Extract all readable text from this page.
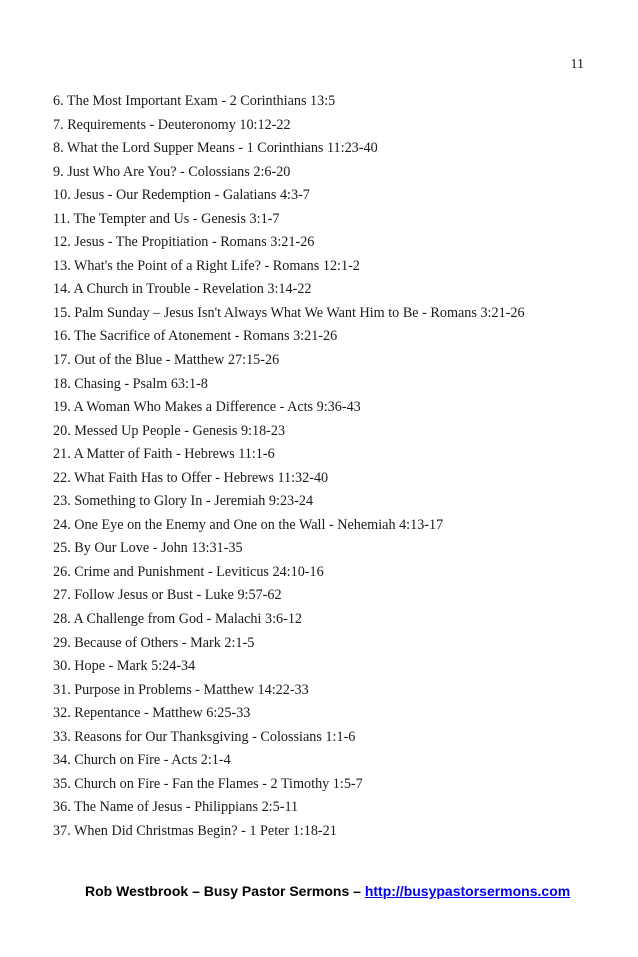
11
6. The Most Important Exam - 2 Corinthians 13:5
7. Requirements - Deuteronomy 10:12-22
8. What the Lord Supper Means - 1 Corinthians 11:23-40
9. Just Who Are You? - Colossians 2:6-20
10. Jesus - Our Redemption - Galatians 4:3-7
11. The Tempter and Us - Genesis 3:1-7
12. Jesus - The Propitiation - Romans 3:21-26
13. What's the Point of a Right Life? - Romans 12:1-2
14. A Church in Trouble - Revelation 3:14-22
15. Palm Sunday – Jesus Isn't Always What We Want Him to Be - Romans 3:21-26
16. The Sacrifice of Atonement - Romans 3:21-26
17. Out of the Blue - Matthew 27:15-26
18. Chasing - Psalm 63:1-8
19. A Woman Who Makes a Difference - Acts 9:36-43
20. Messed Up People - Genesis 9:18-23
21. A Matter of Faith - Hebrews 11:1-6
22. What Faith Has to Offer - Hebrews 11:32-40
23. Something to Glory In - Jeremiah 9:23-24
24. One Eye on the Enemy and One on the Wall - Nehemiah 4:13-17
25. By Our Love - John 13:31-35
26. Crime and Punishment - Leviticus 24:10-16
27. Follow Jesus or Bust - Luke 9:57-62
28. A Challenge from God - Malachi 3:6-12
29. Because of Others - Mark 2:1-5
30. Hope - Mark 5:24-34
31. Purpose in Problems - Matthew 14:22-33
32. Repentance - Matthew 6:25-33
33. Reasons for Our Thanksgiving - Colossians 1:1-6
34. Church on Fire - Acts 2:1-4
35. Church on Fire - Fan the Flames - 2 Timothy 1:5-7
36. The Name of Jesus - Philippians 2:5-11
37. When Did Christmas Begin? - 1 Peter 1:18-21
Rob Westbrook – Busy Pastor Sermons – http://busypastorsermons.com
